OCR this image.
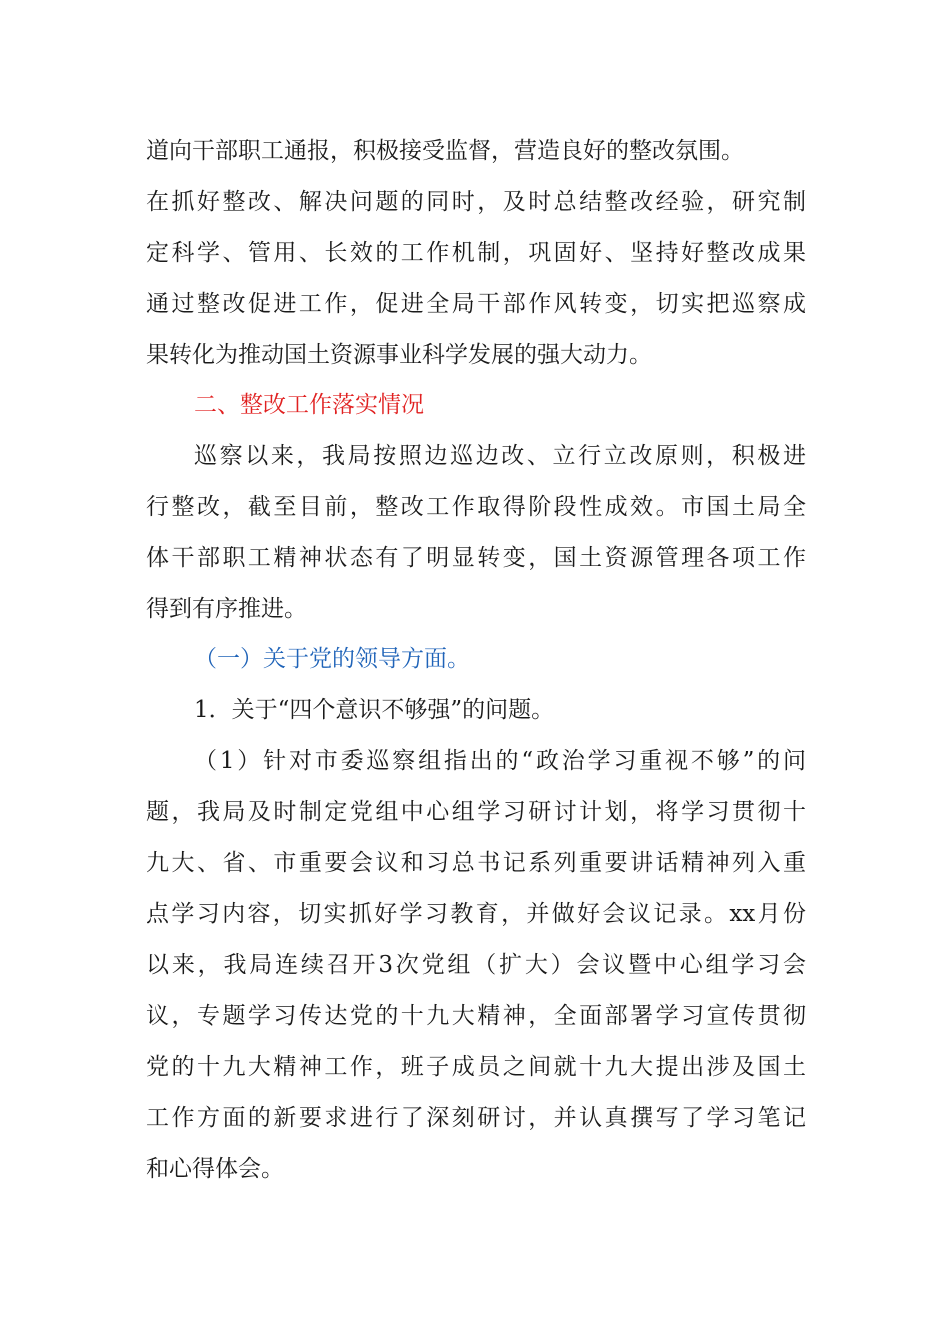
道向干部职工通报，积极接受监督，营造良好的整改氛围。
在抓好整改、解决问题的同时，及时总结整改经验，研究制
定科学、管用、长效的工作机制，巩固好、坚持好整改成果
通过整改促进工作，促进全局干部作风转变，切实把巡察成
果转化为推动国土资源事业科学发展的强大动力。
二、整改工作落实情况
巡察以来，我局按照边巡边改、立行立改原则，积极进
行整改，截至目前，整改工作取得阶段性成效。市国土局全
体干部职工精神状态有了明显转变，国土资源管理各项工作
得到有序推进。
（一）关于党的领导方面。
1．关于“四个意识不够强”的问题。
（1）针对市委巡察组指出的“政治学习重视不够”的问
题，我局及时制定党组中心组学习研讨计划，将学习贯彻十
九大、省、市重要会议和习总书记系列重要讲话精神列入重
点学习内容，切实抓好学习教育，并做好会议记录。xx月份
以来，我局连续召开3次党组（扩大）会议暨中心组学习会
议，专题学习传达党的十九大精神，全面部署学习宣传贯彻
党的十九大精神工作，班子成员之间就十九大提出涉及国土
工作方面的新要求进行了深刻研讨，并认真撰写了学习笔记
和心得体会。
